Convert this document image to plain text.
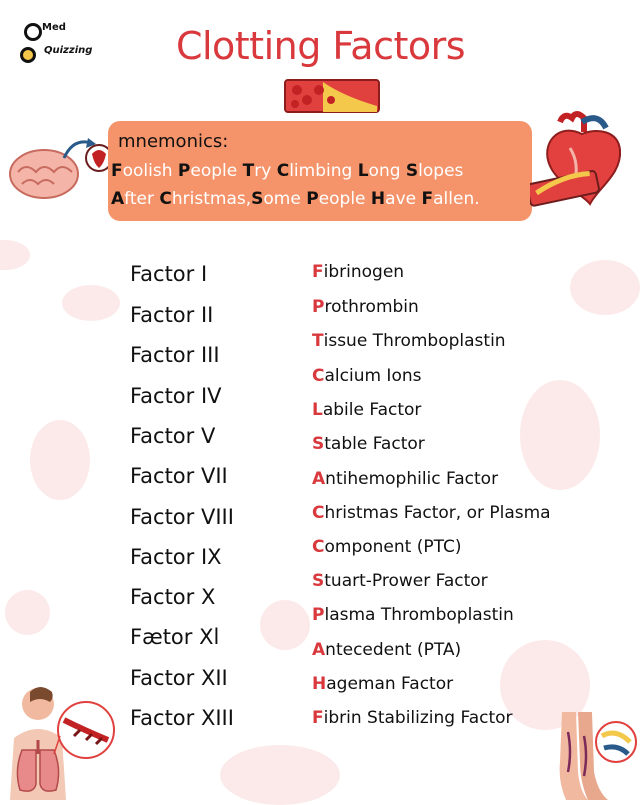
Med
Quizzing	Clotting Factors
mnemonics:
Foolish People Try Climbing Long Slopes
After Christmas,Some People Have Fallen.
Factor I
Factor II
Factor III
Factor IV
Factor V
Factor VII
Factor VIII
Factor IX
Factor X
Fætor Xl
Factor XII
Factor XIII
Fibrinogen
Prothrombin
Tissue Thromboplastin
Calcium Ions
Labile Factor
Stable Factor
Antihemophilic Factor
Christmas Factor, or Plasma
Component (PTC)
Stuart-Prower Factor
Plasma Thromboplastin
Antecedent (PTA)
Hageman Factor
Fibrin Stabilizing Factor
